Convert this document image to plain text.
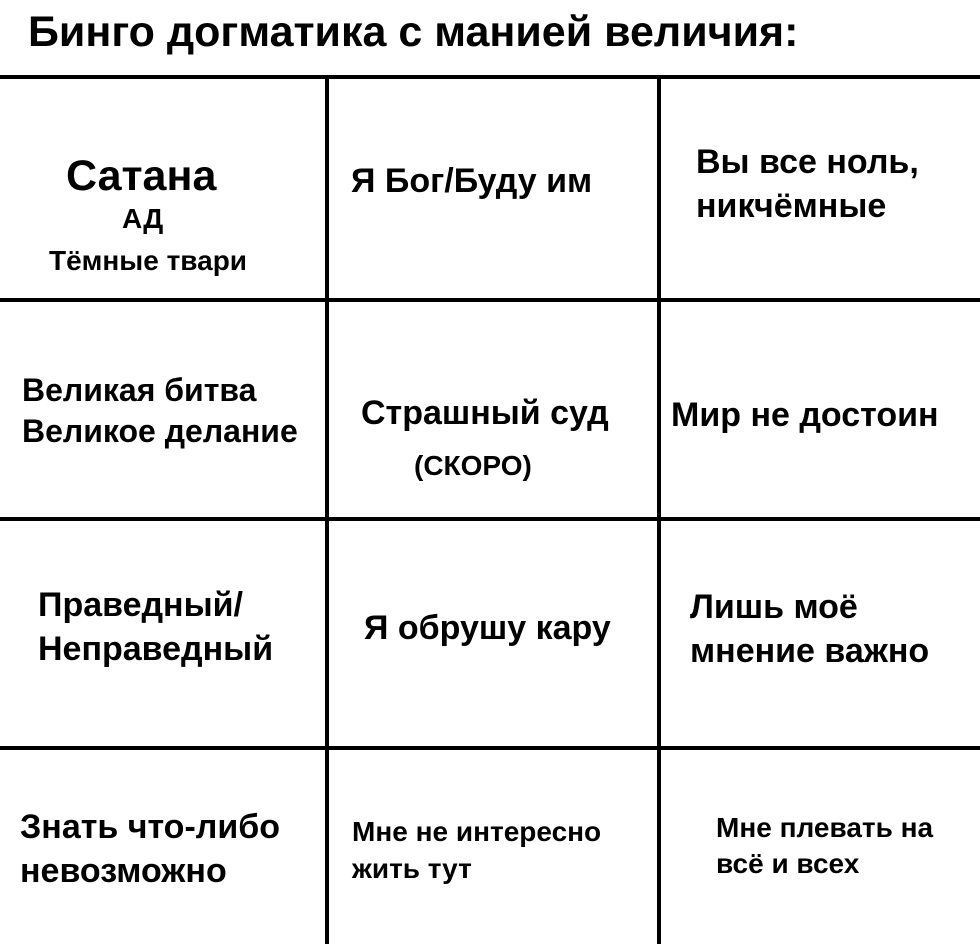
Бинго догматика с манией величия:
Сатана
АД
Тёмные твари
Я Бог/Буду им	Вы все ноль,
никчёмные
Великая битва
Великое делание Страшный суд
(СКОРО)
Мир не достоин
Праведный/
Неправедный
Я обрушу кару
Лишь моё
мнение важно
Знать что-либо
невозможно
Мне не интересно
жить тут
Мне плевать на
всё и всех
